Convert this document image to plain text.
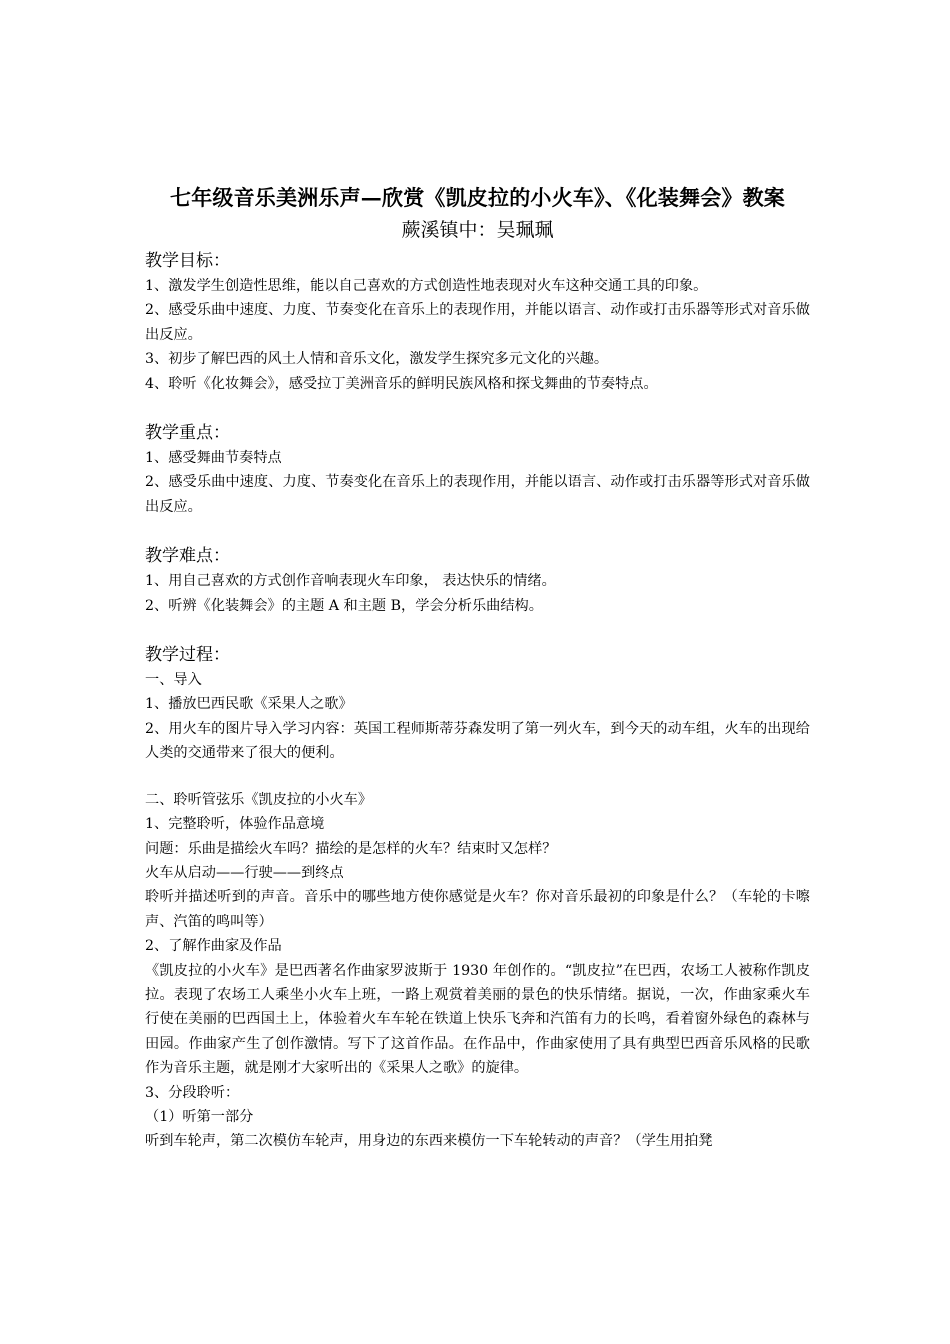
七年级音乐美洲乐声—欣赏《凯皮拉的小火车》、《化装舞会》教案
蕨溪镇中：吴珮珮
教学目标：

1、激发学生创造性思维，能以自己喜欢的方式创造性地表现对火车这种交通工具的印象。

2、感受乐曲中速度、力度、节奏变化在音乐上的表现作用，并能以语言、动作或打击乐器等形式对音乐做出反应。

3、初步了解巴西的风土人情和音乐文化，激发学生探究多元文化的兴趣。

4、聆听《化妆舞会》，感受拉丁美洲音乐的鲜明民族风格和探戈舞曲的节奏特点。

教学重点：

1、感受舞曲节奏特点

2、感受乐曲中速度、力度、节奏变化在音乐上的表现作用，并能以语言、动作或打击乐器等形式对音乐做出反应。

教学难点：

1、用自己喜欢的方式创作音响表现火车印象， 表达快乐的情绪。

2、听辨《化装舞会》的主题 A 和主题 B，学会分析乐曲结构。

教学过程：

一、导入

1、播放巴西民歌《采果人之歌》

2、用火车的图片导入学习内容：英国工程师斯蒂芬森发明了第一列火车，到今天的动车组，火车的出现给人类的交通带来了很大的便利。

二、聆听管弦乐《凯皮拉的小火车》

1、完整聆听，体验作品意境

问题：乐曲是描绘火车吗？描绘的是怎样的火车？结束时又怎样？

火车从启动——行驶——到终点

聆听并描述听到的声音。音乐中的哪些地方使你感觉是火车？你对音乐最初的印象是什么？（车轮的卡嚓声、汽笛的鸣叫等）

2、了解作曲家及作品

《凯皮拉的小火车》是巴西著名作曲家罗波斯于 1930 年创作的。“凯皮拉”在巴西，农场工人被称作凯皮拉。表现了农场工人乘坐小火车上班，一路上观赏着美丽的景色的快乐情绪。据说，一次，作曲家乘火车行使在美丽的巴西国土上，体验着火车车轮在铁道上快乐飞奔和汽笛有力的长鸣，看着窗外绿色的森林与田园。作曲家产生了创作激情。写下了这首作品。在作品中，作曲家使用了具有典型巴西音乐风格的民歌作为音乐主题，就是刚才大家听出的《采果人之歌》的旋律。

3、分段聆听：

（1）听第一部分

听到车轮声，第二次模仿车轮声，用身边的东西来模仿一下车轮转动的声音？（学生用拍凳
